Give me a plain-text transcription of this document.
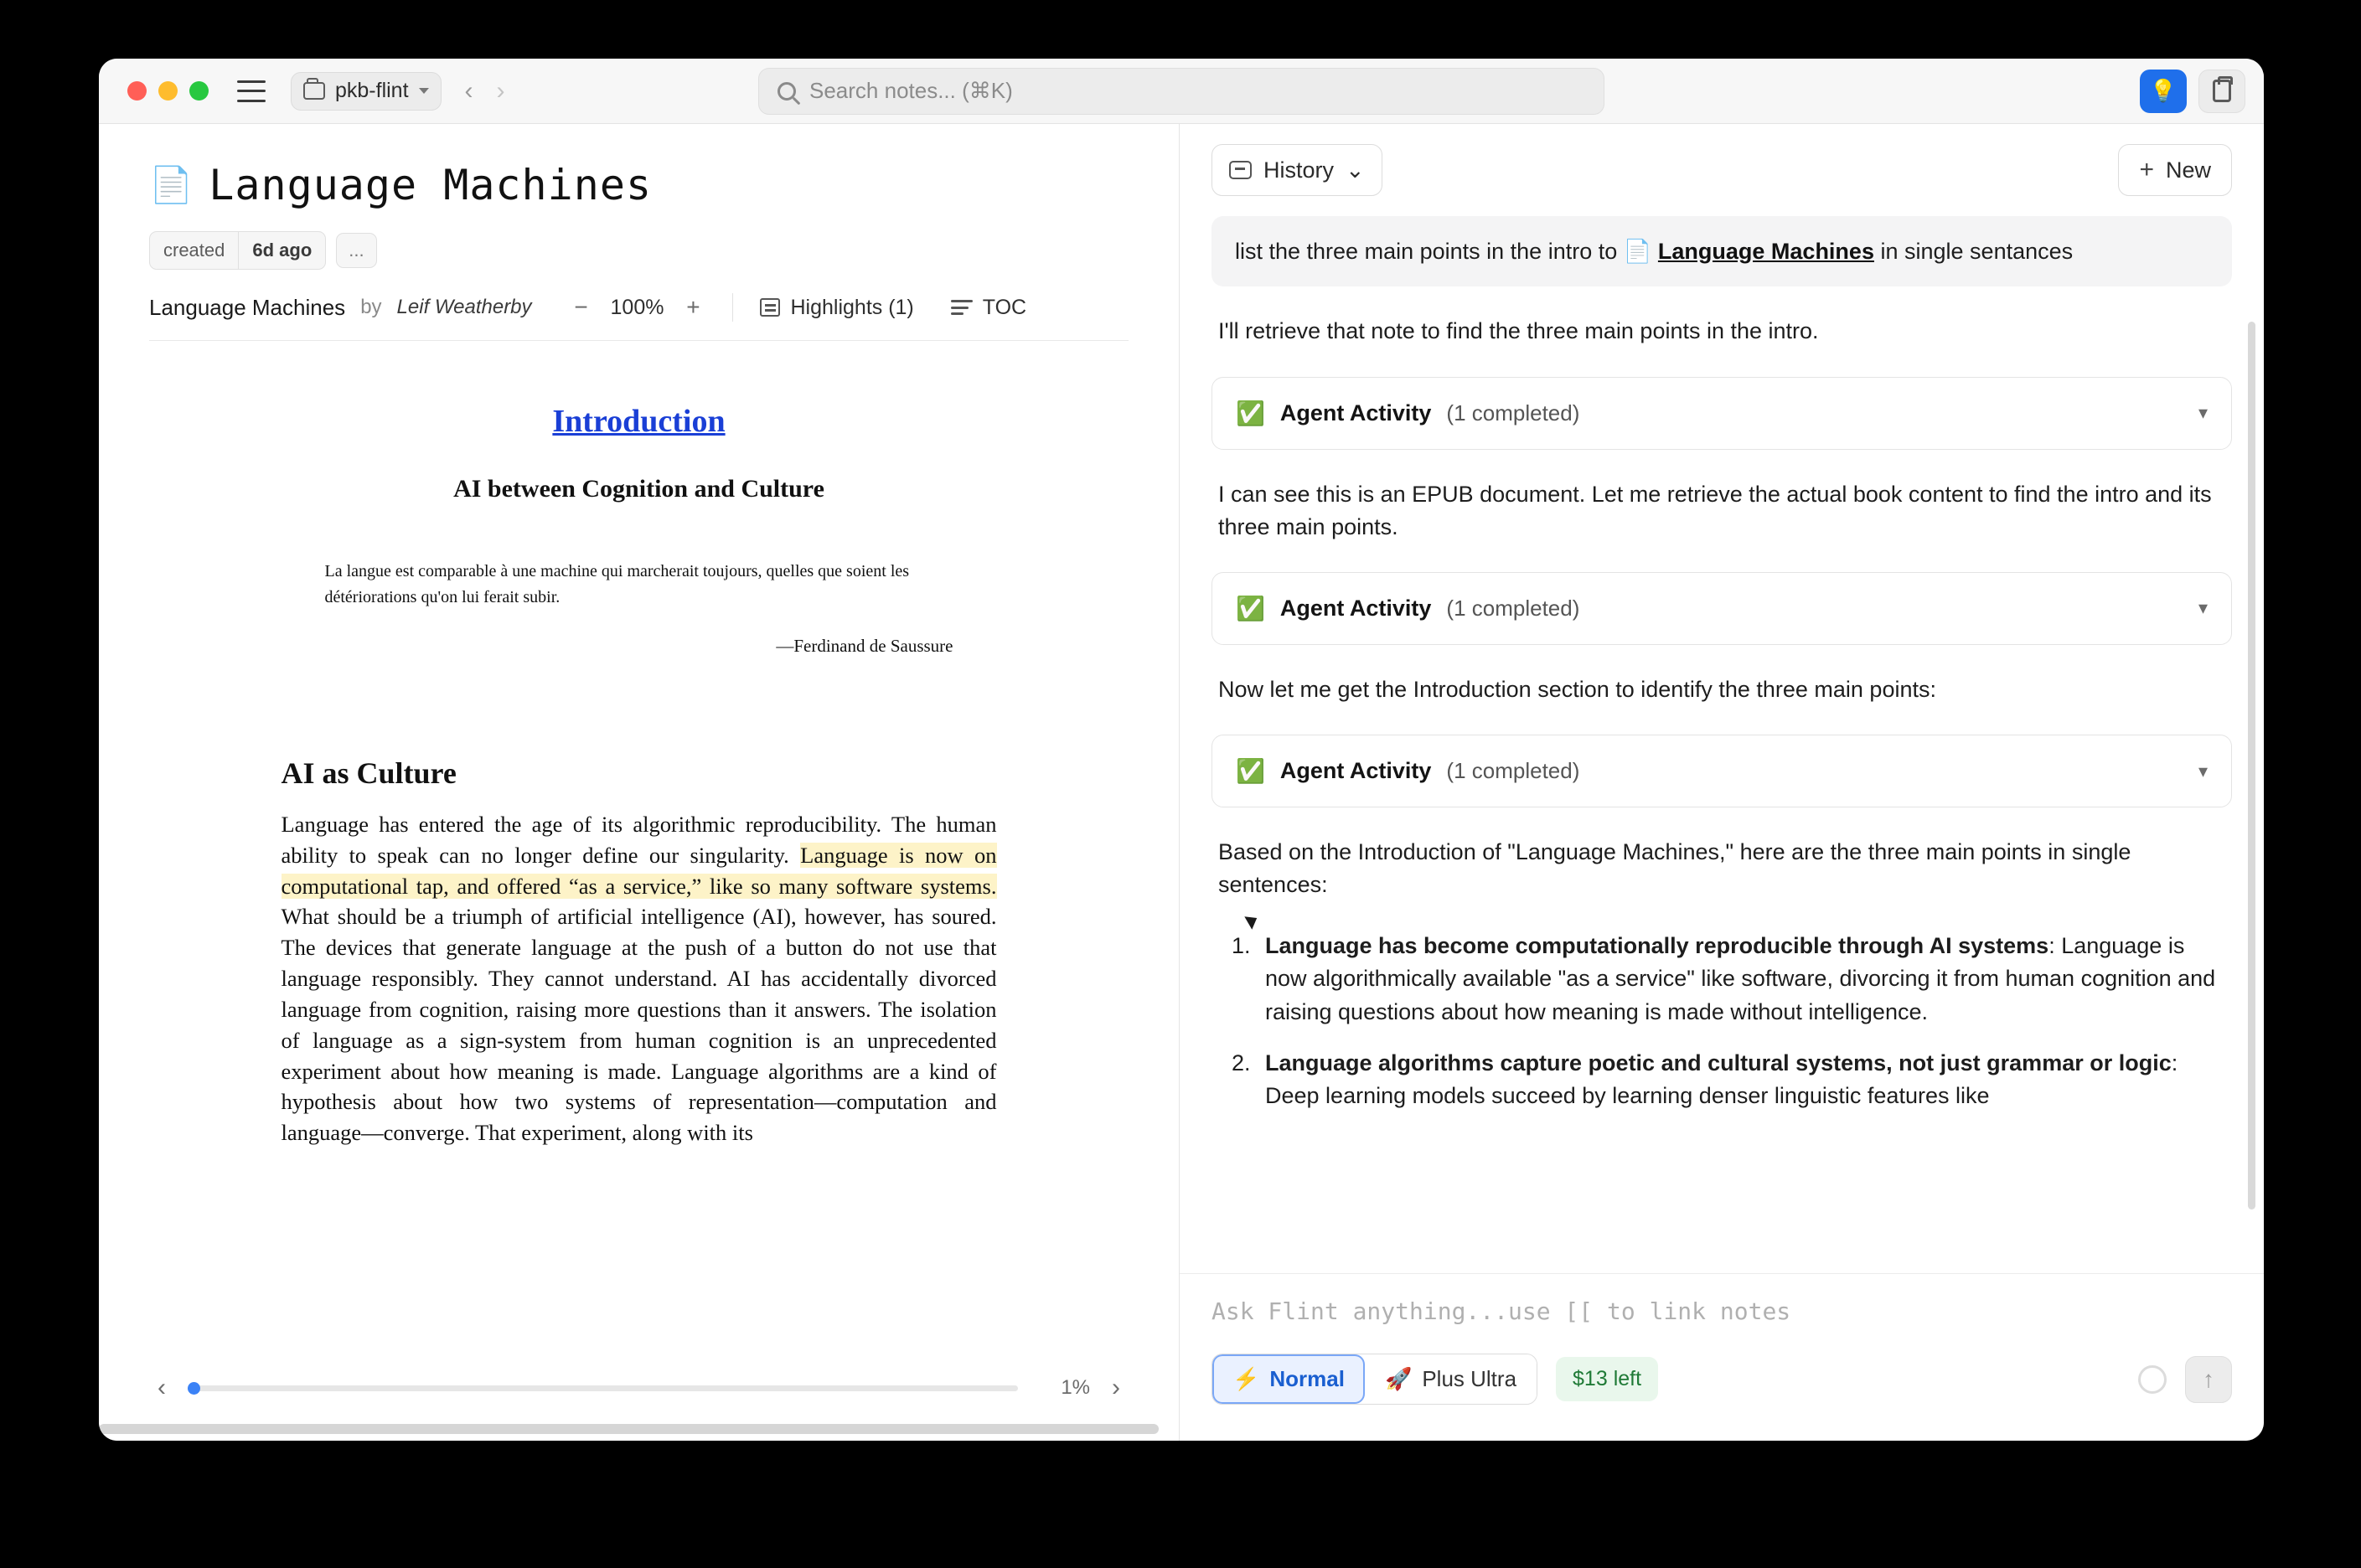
pkb-flint ‹ ›	Search notes... (⌘K)	💡
📄 Language Machines
created	6d ago	...
Language Machines by Leif Weatherby − 100% +	Highlights (1)	TOC
Introduction
AI between Cognition and Culture
La langue est comparable à une machine qui marcherait toujours, quelles que soient les détériorations qu'on lui ferait subir.
—Ferdinand de Saussure
AI as Culture

Language has entered the age of its algorithmic reproducibility. The human ability to speak can no longer define our singularity. Language is now on computational tap, and offered “as a service,” like so many software systems. What should be a triumph of artificial intelligence (AI), however, has soured. The devices that generate language at the push of a button do not use that language responsibly. They cannot understand. AI has accidentally divorced language from cognition, raising more questions than it answers. The isolation of language as a sign-system from human cognition is an unprecedented experiment about how meaning is made. Language algorithms are a kind of hypothesis about how two systems of representation—computation and language—converge. That experiment, along with its

‹	1% ›
History ⌄	+ New
list the three main points in the intro to 📄 Language Machines in single sentances
I'll retrieve that note to find the three main points in the intro.
✅ Agent Activity (1 completed)	▾
I can see this is an EPUB document. Let me retrieve the actual book content to find the intro and its three main points.
✅ Agent Activity (1 completed)	▾
Now let me get the Introduction section to identify the three main points:
✅ Agent Activity (1 completed)	▾
Based on the Introduction of "Language Machines," here are the three main points in single sentences:
1. Language has become computationally reproducible through AI systems: Language is now algorithmically available "as a service" like software, divorcing it from human cognition and raising questions about how meaning is made without intelligence.
2. Language algorithms capture poetic and cultural systems, not just grammar or logic: Deep learning models succeed by learning denser linguistic features like
Ask Flint anything...use [[ to link notes
⚡ Normal 🚀 Plus Ultra	$13 left	↑
